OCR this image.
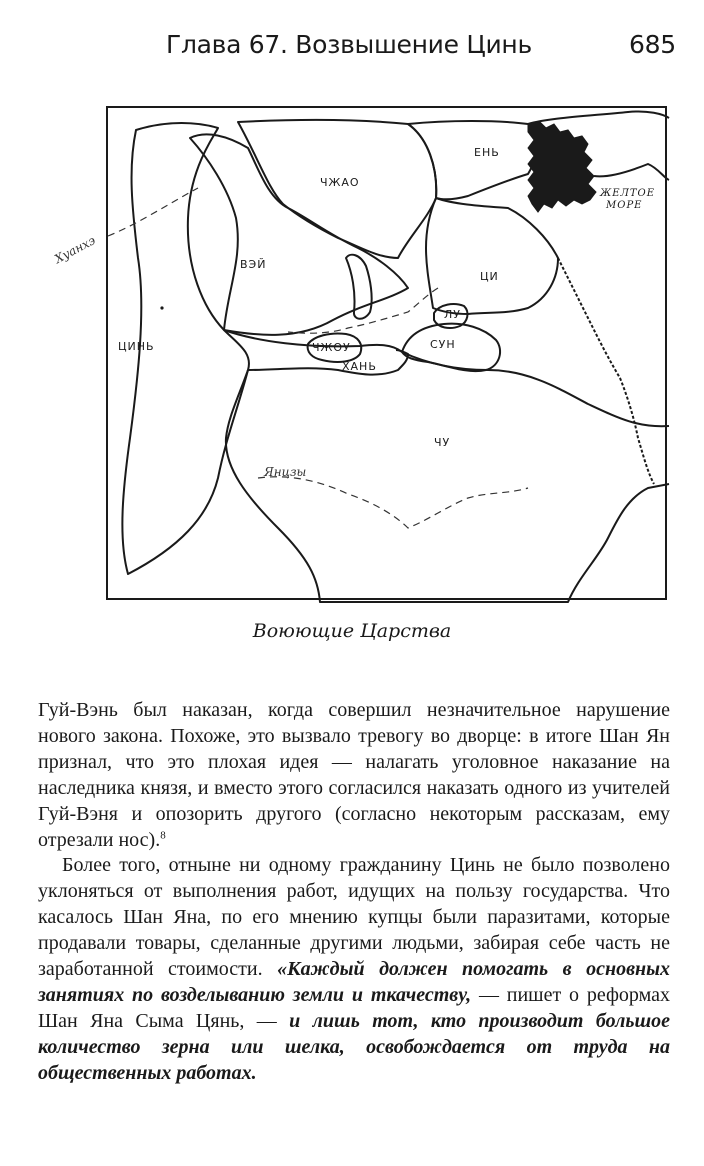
Глава 67. Возвышение Цинь	685
Хуанхэ
ЧЖАО
ЕНЬ
ЖЕЛТОЕ
МОРЕ
ВЭЙ
ЦИ
ЛУ
ЦИНЬ	ЧЖОУ	СУН
ХАНЬ
ЧУ
Янцзы
Воюющие Царства

Гуй-Вэнь был наказан, когда совершил незначительное нарушение нового закона. Похоже, это вызвало тревогу во дворце: в итоге Шан Ян признал, что это плохая идея — налагать уголовное наказание на наследника князя, и вместо этого согласился наказать одного из учителей Гуй-Вэня и опозорить другого (согласно некоторым рассказам, ему отрезали нос).$^8$

Более того, отныне ни одному гражданину Цинь не было позволено уклоняться от выполнения работ, идущих на пользу государства. Что касалось Шан Яна, по его мнению купцы были паразитами, которые продавали товары, сделанные другими людьми, забирая себе часть не заработанной стоимости. «Каждый должен помогать в основных занятиях по возделыванию земли и ткачеству, — пишет о реформах Шан Яна Сыма Цянь, — и лишь тот, кто производит большое количество зерна или шелка, освобождается от труда на общественных работах.
